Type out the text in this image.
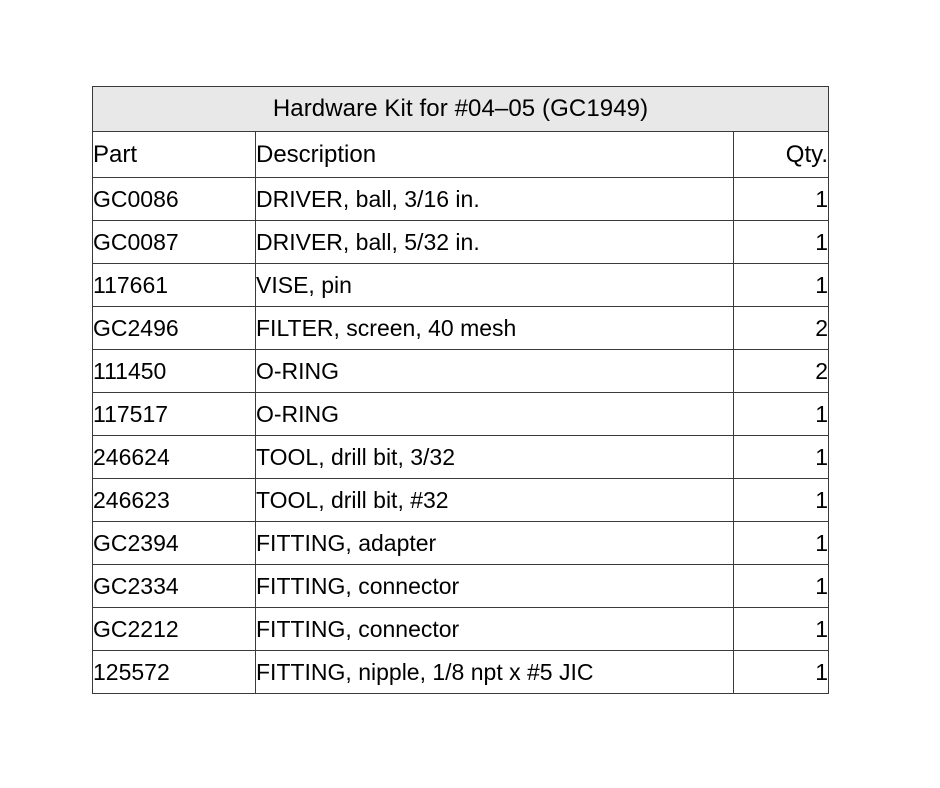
Hardware Kit for #04–05 (GC1949)		
Part	Description	Qty.
GC0086	DRIVER, ball, 3/16 in.	1
GC0087	DRIVER, ball, 5/32 in.	1
117661	VISE, pin	1
GC2496	FILTER, screen, 40 mesh	2
111450	O-RING	2
117517	O-RING	1
246624	TOOL, drill bit, 3/32	1
246623	TOOL, drill bit, #32	1
GC2394	FITTING, adapter	1
GC2334	FITTING, connector	1
GC2212	FITTING, connector	1
125572	FITTING, nipple, 1/8 npt x #5 JIC	1
